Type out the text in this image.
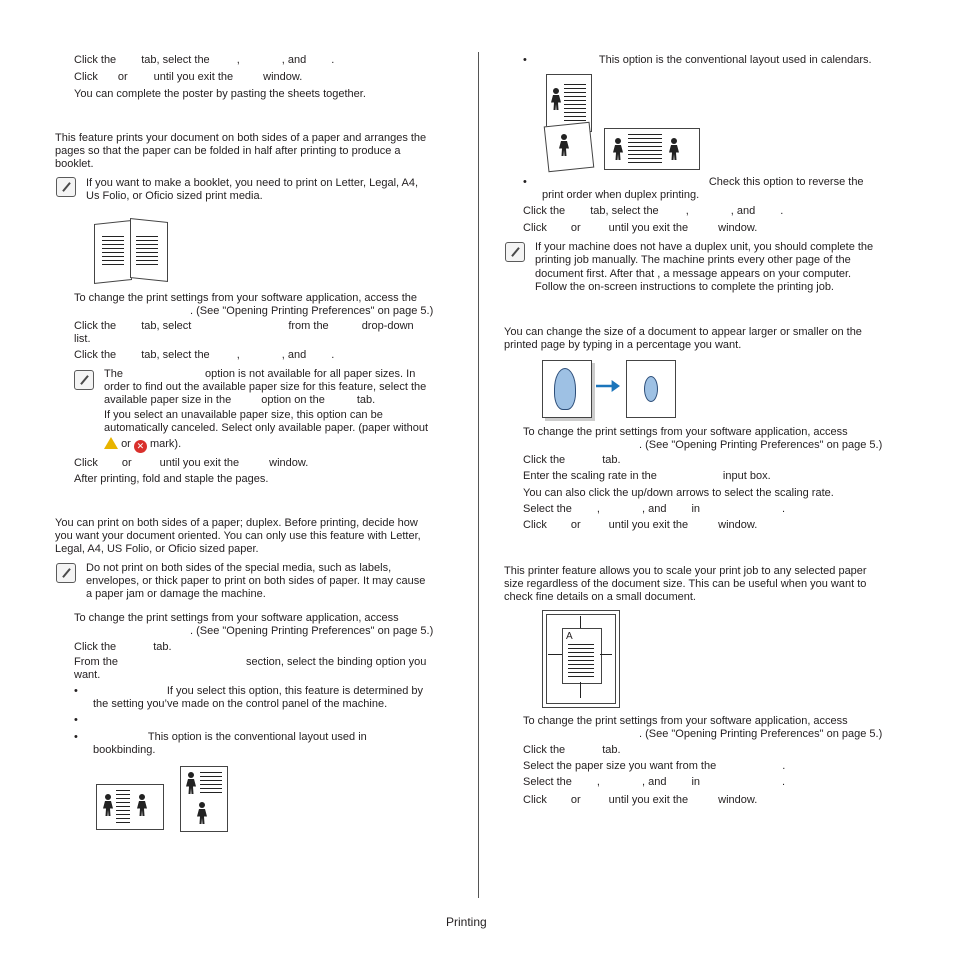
Click the tab, select the ,	, and .
Click or until you exit the	window.
You can complete the poster by pasting the sheets together.
This feature prints your document on both sides of a paper and arranges the
pages so that the paper can be folded in half after printing to produce a
booklet.
If you want to make a booklet, you need to print on Letter, Legal, A4,
Us Folio, or Oficio sized print media.
To change the print settings from your software application, access the
. (See "Opening Printing Preferences" on page 5.)
Click the tab, select	from the	drop-down
list.
Click the tab, select the ,	, and .
The	option is not available for all paper sizes. In
order to find out the available paper size for this feature, select the
available paper size in the	option on the	tab.
If you select an unavailable paper size, this option can be
automatically canceled. Select only available paper. (paper without
or ✕ mark).
Click or	until you exit the	window.
After printing, fold and staple the pages.
You can print on both sides of a paper; duplex. Before printing, decide how
you want your document oriented. You can only use this feature with Letter,
Legal, A4, US Folio, or Oficio sized paper.
Do not print on both sides of the special media, such as labels,
envelopes, or thick paper to print on both sides of paper. It may cause
a paper jam or damage the machine.
To change the print settings from your software application, access
. (See "Opening Printing Preferences" on page 5.)
Click the	tab.
From the	section, select the binding option you
want.
•	If you select this option, this feature is determined by
the setting you’ve made on the control panel of the machine.
•
•	This option is the conventional layout used in
bookbinding.
•	This option is the conventional layout used in calendars.
•	Check this option to reverse the
print order when duplex printing.
Click the tab, select the ,	, and .
Click or	until you exit the	window.
If your machine does not have a duplex unit, you should complete the
printing job manually. The machine prints every other page of the
document first. After that , a message appears on your computer.
Follow the on-screen instructions to complete the printing job.
You can change the size of a document to appear larger or smaller on the
printed page by typing in a percentage you want.
To change the print settings from your software application, access
. (See "Opening Printing Preferences" on page 5.)
Click the	tab.
Enter the scaling rate in the	input box.
You can also click the up/down arrows to select the scaling rate.
Select the ,	, and in	.
Click or	until you exit the	window.
This printer feature allows you to scale your print job to any selected paper
size regardless of the document size. This can be useful when you want to
check fine details on a small document.
A
To change the print settings from your software application, access
. (See "Opening Printing Preferences" on page 5.)
Click the	tab.
Select the paper size you want from the	.
Select the ,	, and in	.
Click or	until you exit the	window.
Printing
